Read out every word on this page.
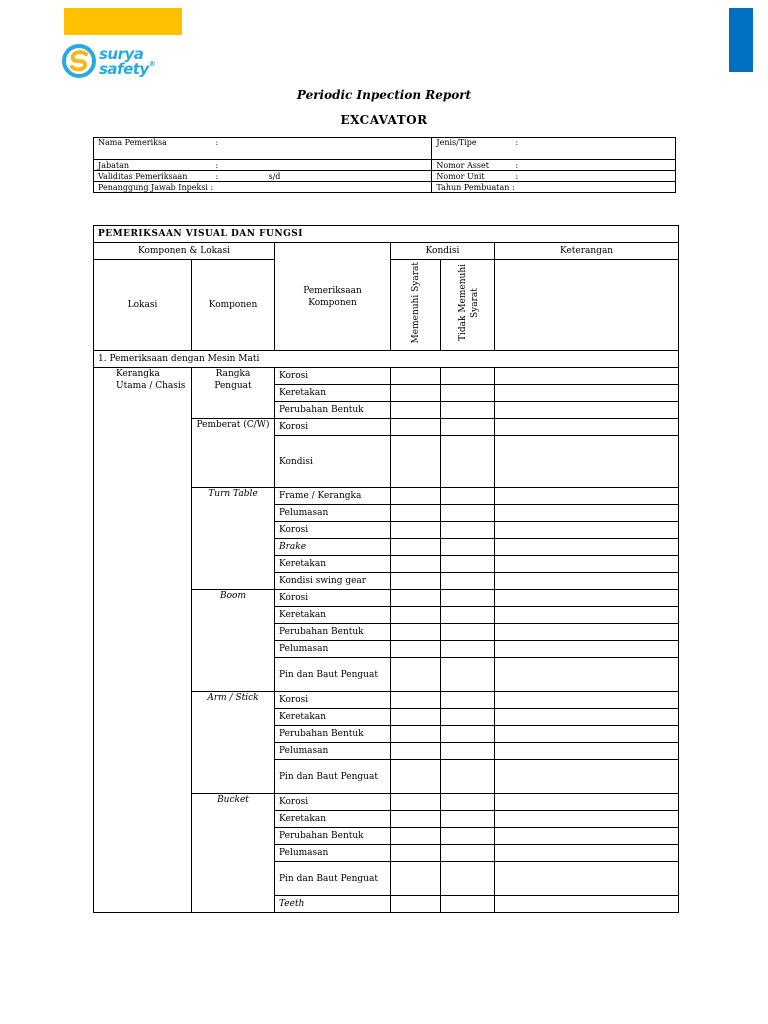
surya
safety®
Periodic Inpection Report
EXCAVATOR
Nama Pemeriksa :	Jenis/Tipe :

Jabatan :	Nomor Asset :

Validitas Pemeriksaan : s/d	Nomor Unit :

Penanggung Jawab Inpeksi :	Tahun Pembuatan :
PEMERIKSAAN VISUAL DAN FUNGSI					
Komponen & Lokasi		Pemeriksaan Komponen	Kondisi		Keterangan
Lokasi	Komponen		Memenuhi Syarat	Tidak Memenuhi Syarat	
1. Pemeriksaan dengan Mesin Mati					
Kerangka Utama / Chasis	Rangka Penguat	Korosi			
		Keretakan			
		Perubahan Bentuk			
	Pemberat (C/W)	Korosi			
		Kondisi			
	Turn Table	Frame / Kerangka			
		Pelumasan			
		Korosi			
		Brake			
		Keretakan			
		Kondisi swing gear			
	Boom	Korosi			
		Keretakan			
		Perubahan Bentuk			
		Pelumasan			
		Pin dan Baut Penguat			
	Arm / Stick	Korosi			
		Keretakan			
		Perubahan Bentuk			
		Pelumasan			
		Pin dan Baut Penguat			
	Bucket	Korosi			
		Keretakan			
		Perubahan Bentuk			
		Pelumasan			
		Pin dan Baut Penguat			
		Teeth			
